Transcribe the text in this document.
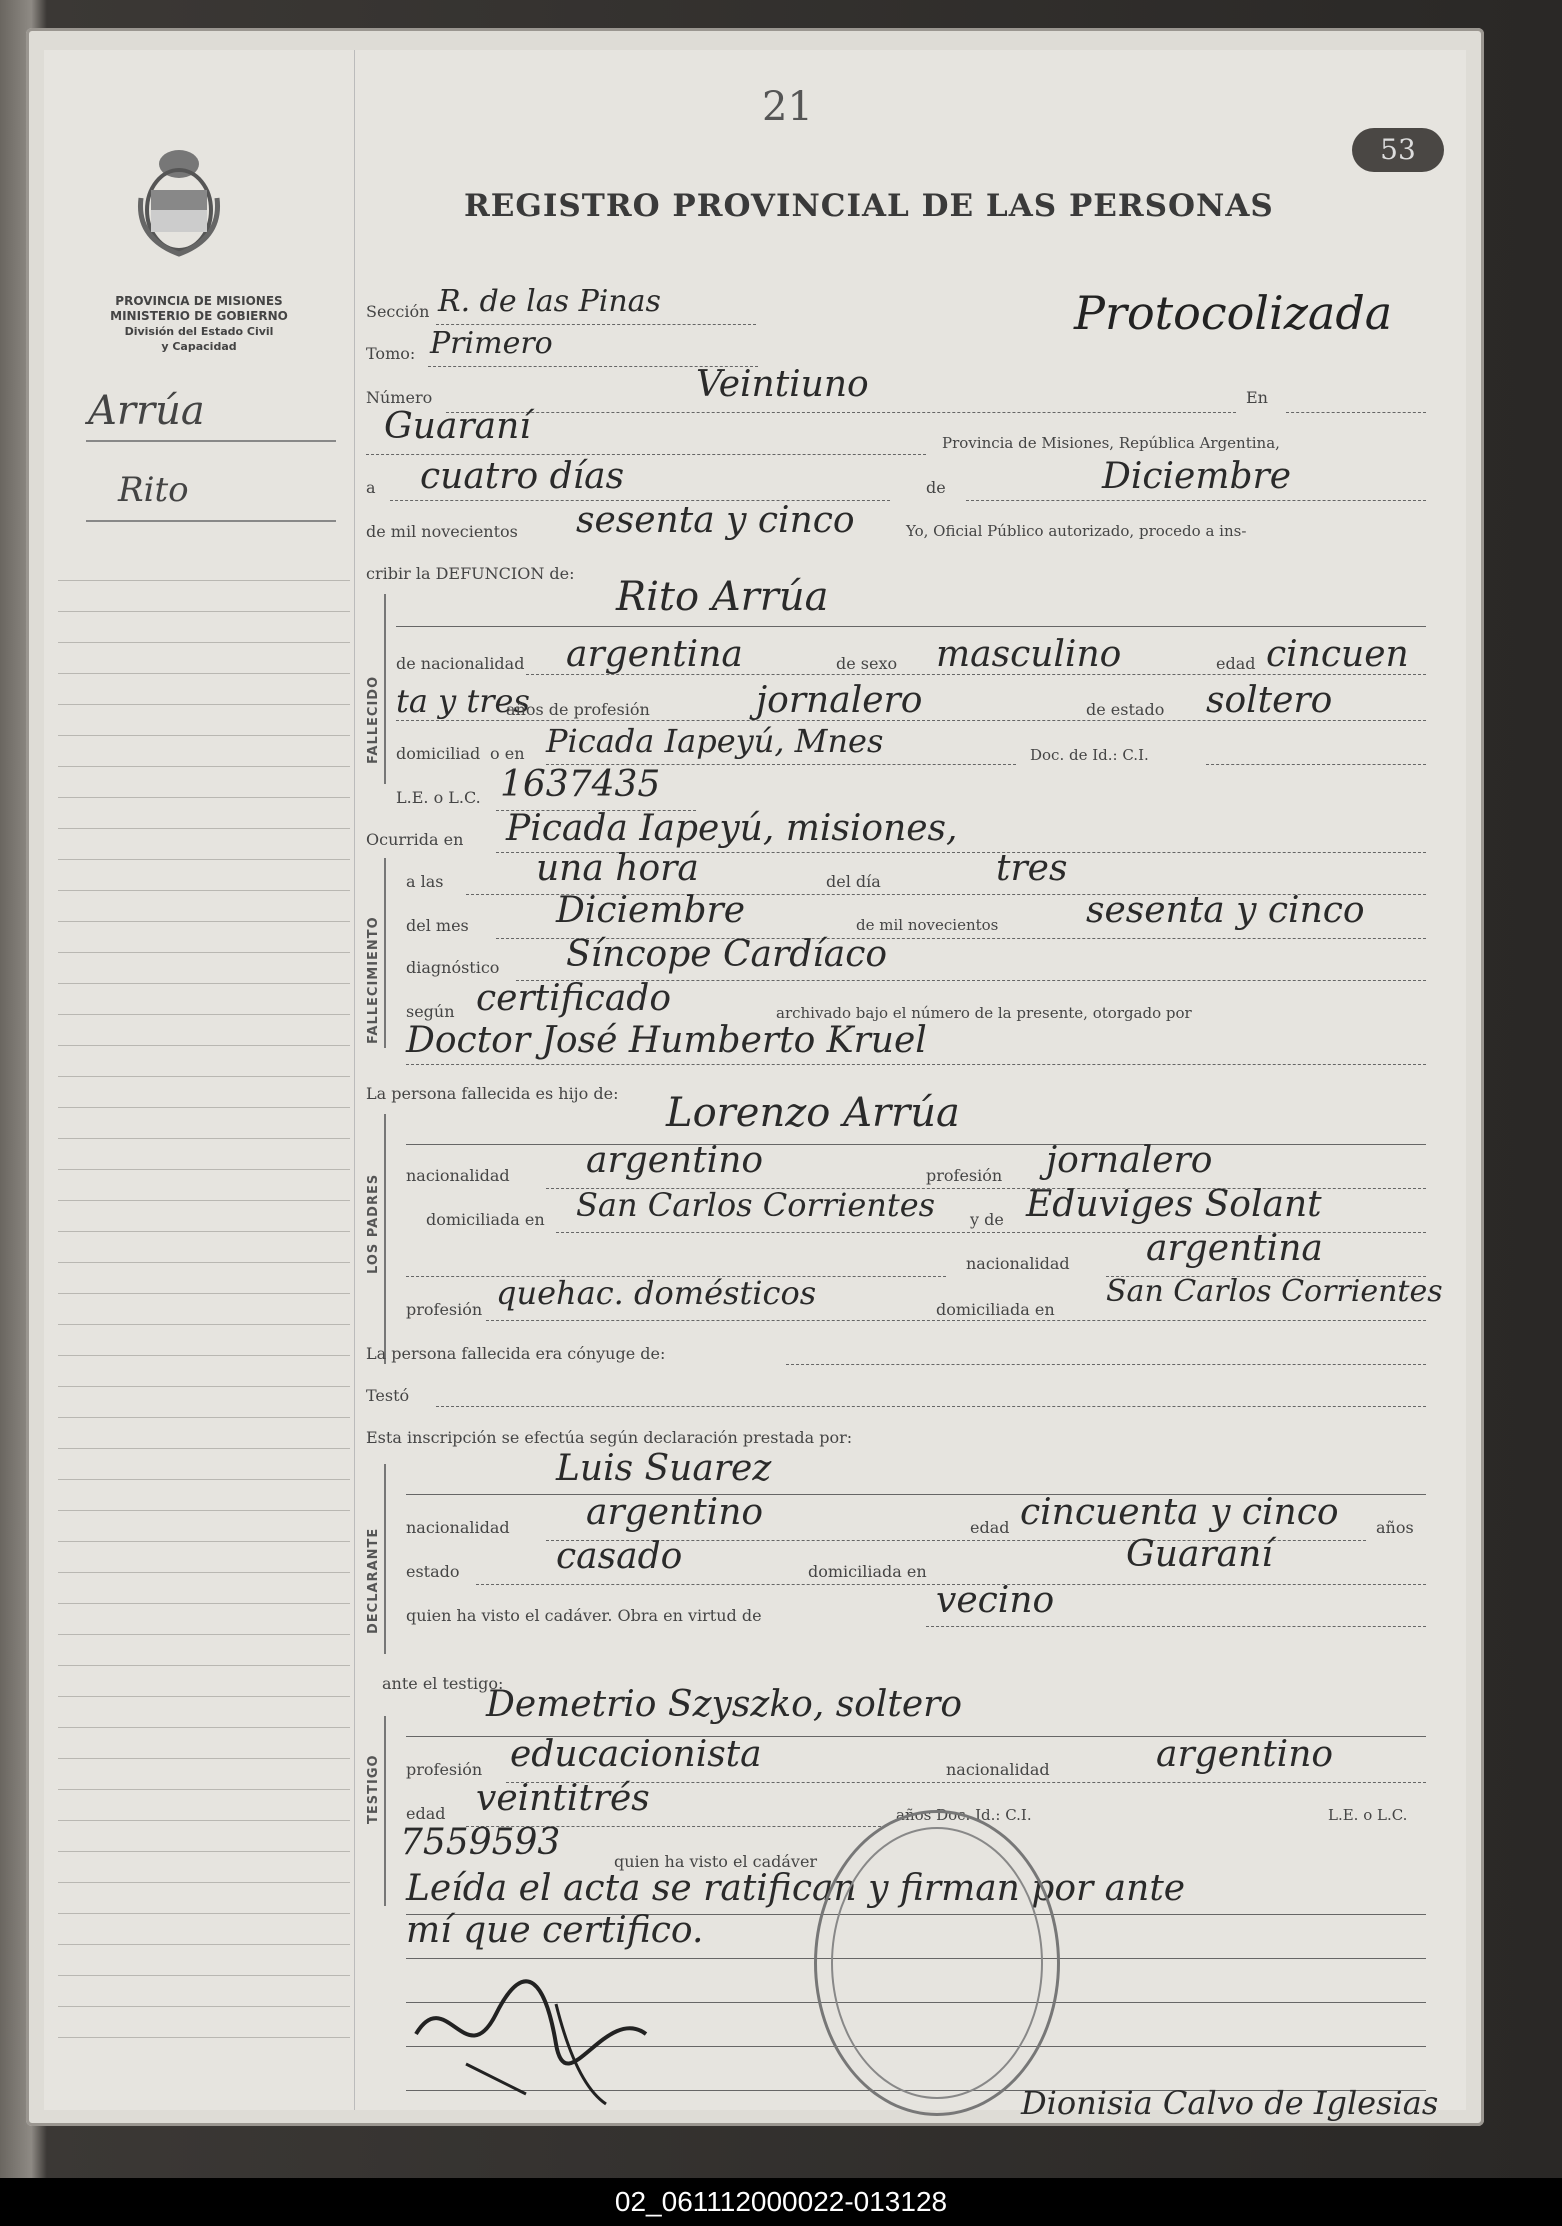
PROVINCIA DE MISIONES
MINISTERIO DE GOBIERNO
División del Estado Civil
y Capacidad
Arrúa
Rito
21
53
REGISTRO PROVINCIAL DE LAS PERSONAS
Protocolizada
Sección R. de las Pinas
Tomo: Primero
Número	Veintiuno	En
Guaraní	Provincia de Misiones, República Argentina,
a cuatro días	de	Diciembre
de mil novecientos sesenta y cinco	Yo, Oficial Público autorizado, procedo a ins-
cribir la DEFUNCION de:
FALLECIDO
Rito Arrúa
de nacionalidad argentina	de sexo masculino	edad cincuen
ta y tres
años de profesión	jornalero	de estado soltero
domiciliad o en Picada Iapeyú, Mnes	Doc. de Id.: C.I.
L.E. o L.C. 1637435
Ocurrida en Picada Iapeyú, misiones,
FALLECIMIENTO
a las	una hora	del día	tres
del mes Diciembre	de mil novecientos sesenta y cinco
diagnóstico Síncope Cardíaco
según certificado	archivado bajo el número de la presente, otorgado por
Doctor José Humberto Kruel
La persona fallecida es hijo de:
LOS PADRES
Lorenzo Arrúa
nacionalidad argentino	profesión jornalero
domiciliada en San Carlos Corrientes y de Eduviges Solant
nacionalidad argentina
profesión quehac. domésticos	domiciliada en
San Carlos Corrientes
La persona fallecida era cónyuge de:
Testó
Esta inscripción se efectúa según declaración prestada por:
DECLARANTE
Luis Suarez
nacionalidad argentino	edad cincuenta y cinco años
estado	casado	domiciliada en	Guaraní
quien ha visto el cadáver. Obra en virtud de	vecino
ante el testigo:
TESTIGO
Demetrio Szyszko, soltero
profesión educacionista	nacionalidad	argentino
edad veintitrés	años Doc. Id.: C.I.	L.E. o L.C.
7559593	quien ha visto el cadáver
Leída el acta se ratifican y firman por ante
mí que certifico.
Dionisia Calvo de Iglesias
02_061112000022-013128
